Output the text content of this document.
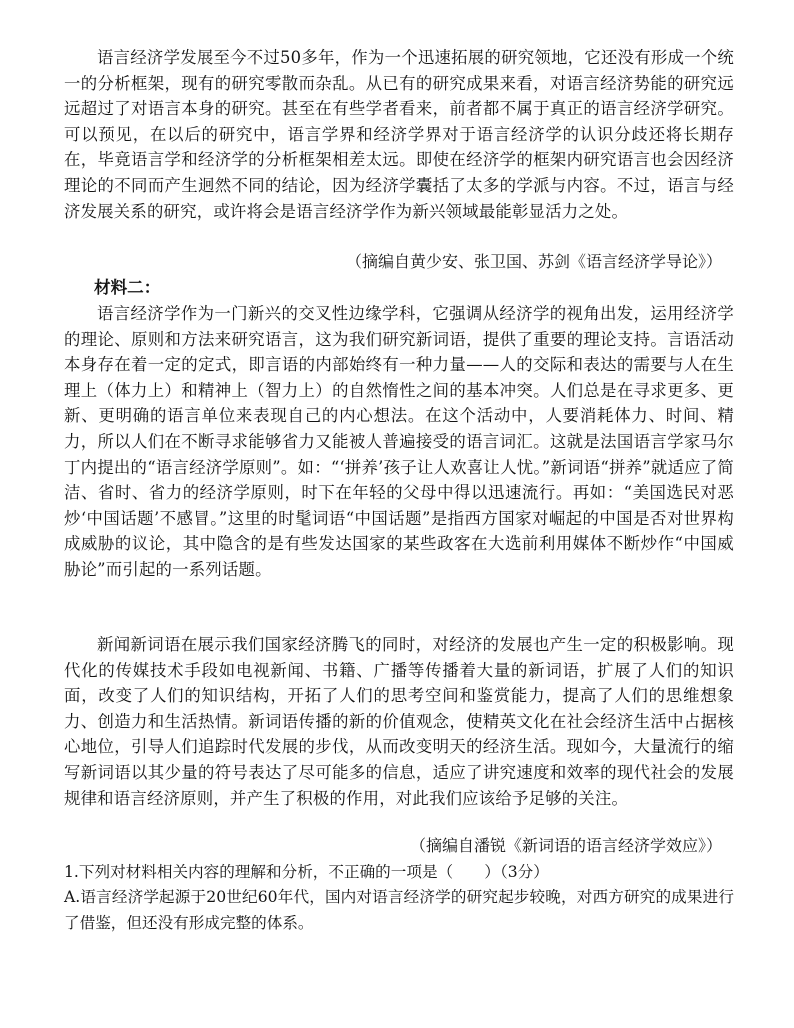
语言经济学发展至今不过50多年，作为一个迅速拓展的研究领地，它还没有形成一个统一的分析框架，现有的研究零散而杂乱。从已有的研究成果来看，对语言经济势能的研究远远超过了对语言本身的研究。甚至在有些学者看来，前者都不属于真正的语言经济学研究。可以预见，在以后的研究中，语言学界和经济学界对于语言经济学的认识分歧还将长期存在，毕竟语言学和经济学的分析框架相差太远。即使在经济学的框架内研究语言也会因经济理论的不同而产生迥然不同的结论，因为经济学囊括了太多的学派与内容。不过，语言与经济发展关系的研究，或许将会是语言经济学作为新兴领域最能彰显活力之处。

（摘编自黄少安、张卫国、苏剑《语言经济学导论》）

材料二：

语言经济学作为一门新兴的交叉性边缘学科，它强调从经济学的视角出发，运用经济学的理论、原则和方法来研究语言，这为我们研究新词语，提供了重要的理论支持。言语活动本身存在着一定的定式，即言语的内部始终有一种力量——人的交际和表达的需要与人在生理上（体力上）和精神上（智力上）的自然惰性之间的基本冲突。人们总是在寻求更多、更新、更明确的语言单位来表现自己的内心想法。在这个活动中，人要消耗体力、时间、精力，所以人们在不断寻求能够省力又能被人普遍接受的语言词汇。这就是法国语言学家马尔丁内提出的“语言经济学原则”。如：“‘拼养’孩子让人欢喜让人忧。”新词语“拼养”就适应了简洁、省时、省力的经济学原则，时下在年轻的父母中得以迅速流行。再如：“美国选民对恶炒‘中国话题’不感冒。”这里的时髦词语“中国话题”是指西方国家对崛起的中国是否对世界构成威胁的议论，其中隐含的是有些发达国家的某些政客在大选前利用媒体不断炒作“中国威胁论”而引起的一系列话题。

新闻新词语在展示我们国家经济腾飞的同时，对经济的发展也产生一定的积极影响。现代化的传媒技术手段如电视新闻、书籍、广播等传播着大量的新词语，扩展了人们的知识面，改变了人们的知识结构，开拓了人们的思考空间和鉴赏能力，提高了人们的思维想象力、创造力和生活热情。新词语传播的新的价值观念，使精英文化在社会经济生活中占据核心地位，引导人们追踪时代发展的步伐，从而改变明天的经济生活。现如今，大量流行的缩写新词语以其少量的符号表达了尽可能多的信息，适应了讲究速度和效率的现代社会的发展规律和语言经济原则，并产生了积极的作用，对此我们应该给予足够的关注。

（摘编自潘锐《新词语的语言经济学效应》）

1.下列对材料相关内容的理解和分析，不正确的一项是（　　）（3分）

A.语言经济学起源于20世纪60年代，国内对语言经济学的研究起步较晚，对西方研究的成果进行了借鉴，但还没有形成完整的体系。
